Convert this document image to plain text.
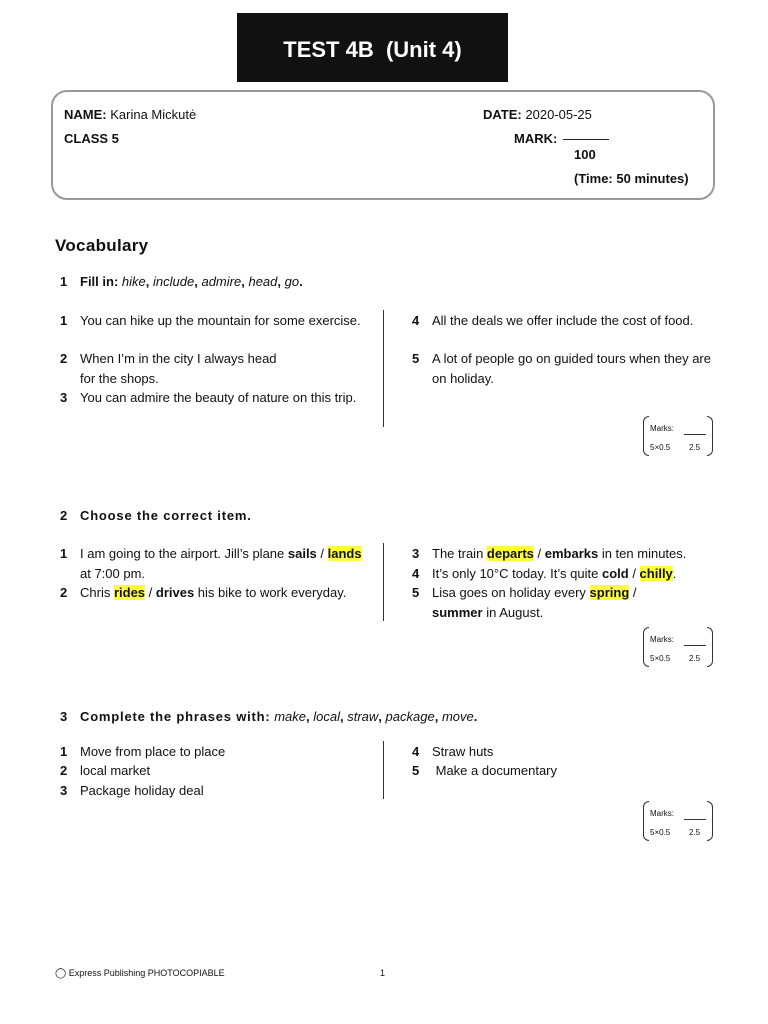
TEST 4B  (Unit 4)
NAME: Karina Mickutė	DATE: 2020-05-25
CLASS 5	MARK:
100
(Time: 50 minutes)
Vocabulary
1 Fill in: hike, include, admire, head, go.
1 You can hike up the mountain for some exercise.
2 When I’m in the city I always head
for the shops.
3 You can admire the beauty of nature on this trip.
4 All the deals we offer include the cost of food.
5 A lot of people go on guided tours when they are on holiday.
Marks:
5×0.5 2.5
2 Choose the correct item.
1 I am going to the airport. Jill’s plane sails / lands at 7:00 pm.
2 Chris rides / drives his bike to work everyday.
3 The train departs / embarks in ten minutes.
4 It’s only 10°C today. It’s quite cold / chilly.
5 Lisa goes on holiday every spring /
summer in August.
Marks:
5×0.5 2.5
3 Complete the phrases with: make, local, straw, package, move.
1 Move from place to place
2 local market
3 Package holiday deal
4 Straw huts
5 Make a documentary
Marks:
5×0.5 2.5
◯ Express Publishing PHOTOCOPIABLE	1
